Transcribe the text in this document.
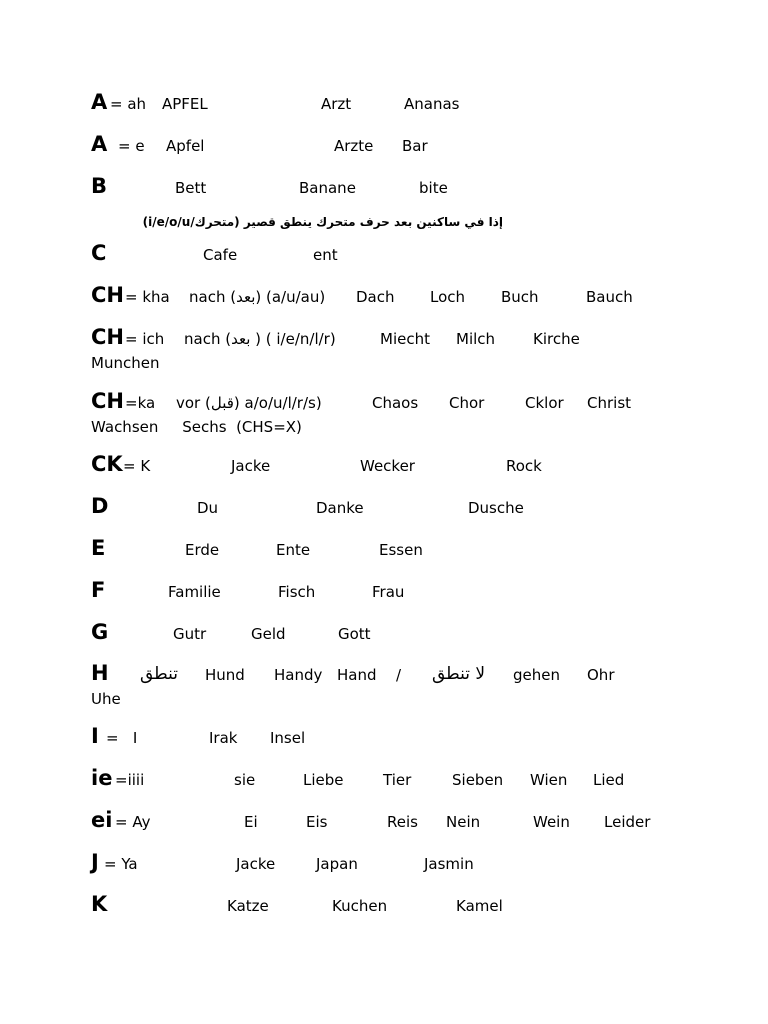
A = ah APFEL	Arzt	Ananas
A = e Apfel	Arzte Bar
B	Bett	Banane	bite
إذا في ساكنين بعد حرف متحرك ينطق قصير (متحرك/i/e/o/u)
C	Cafe	ent
CH = kha nach (بعد) (a/u/au) Dach Loch Buch	Bauch
CH = ich nach (بعد ) ( i/e/n/l/r)	Miecht Milch	Kirche
Munchen
CH =ka vor (قبل) a/o/u/l/r/s)	Chaos Chor	Cklor Christ
Wachsen     Sechs  (CHS=X)
CK = K	Jacke	Wecker	Rock
D	Du	Danke	Dusche
E	Erde	Ente	Essen
F	Familie	Fisch	Frau
G	Gutr	Geld	Gott
H تنطق Hund Handy Hand / لا تنطق gehen Ohr
Uhe
I =   I	Irak Insel
ie =iiii	sie	Liebe	Tier	Sieben Wien Lied
ei = Ay	Ei	Eis	Reis Nein	Wein Leider
J = Ya	Jacke	Japan	Jasmin
K	Katze	Kuchen	Kamel
